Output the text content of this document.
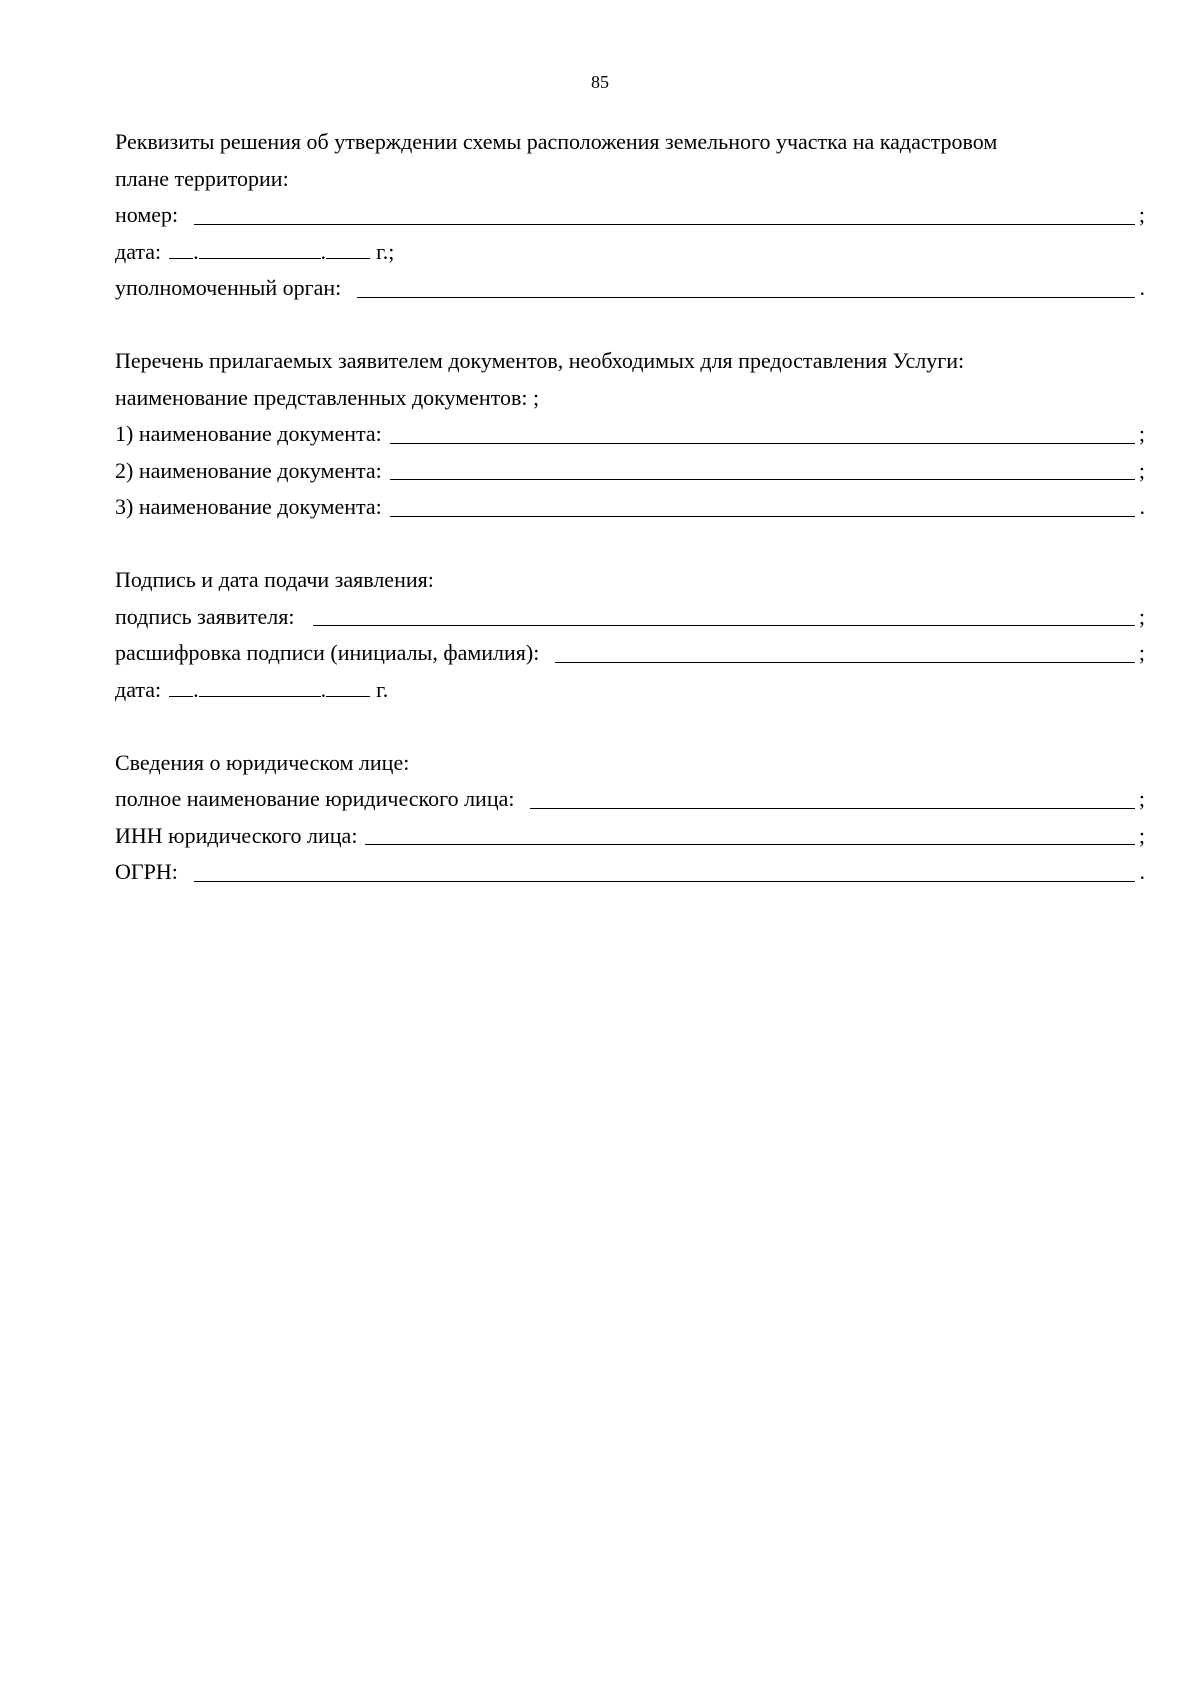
85
Реквизиты решения об утверждении схемы расположения земельного участка на кадастровом
плане территории:
номер:	;
дата: .	. г.;
уполномоченный орган:	.
Перечень прилагаемых заявителем документов, необходимых для предоставления Услуги:
наименование представленных документов: ;
1) наименование документа:	;
2) наименование документа:	;
3) наименование документа:	.
Подпись и дата подачи заявления:
подпись заявителя:	;
расшифровка подписи (инициалы, фамилия):	;
дата: .	. г.
Сведения о юридическом лице:
полное наименование юридического лица:	;
ИНН юридического лица:	;
ОГРН:	.
